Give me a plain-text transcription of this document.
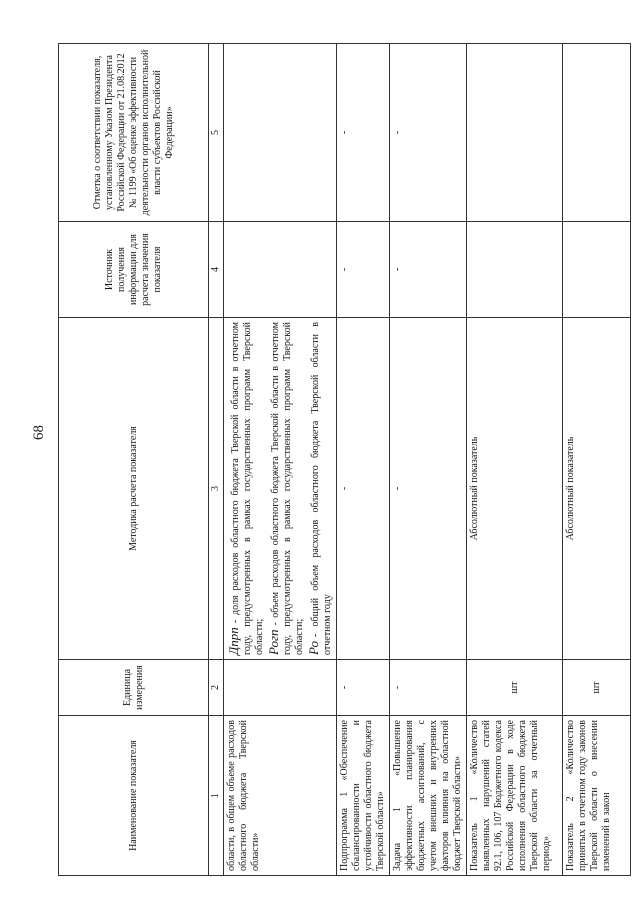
68
Наименование показателя	Единица измерения	Методика расчета показателя	Источник получения информации для расчета значения показателя	Отметка о соответствии показателя, установленному Указом Президента Российской Федерации от 21.08.2012 № 1199 «Об оценке эффективности деятельности органов исполнительной власти субъектов Российской Федерации»
1	2	3	4	5
области, в общем объеме расходов областного бюджета Тверской области»		Дпрп- доля расходов областного бюджета Тверской области в отчетном году, предусмотренных в рамках государственных программ Тверской области; Рогп- объем расходов областного бюджета Тверской области в отчетном году, предусмотренных в рамках государственных программ Тверской области; Ро- общий объем расходов областного бюджета Тверской области в отчетном году		

Подпрограмма 1 «Обеспечение сбалансированности и устойчивости областного бюджета Тверской области»	-	-	-	-
Задача 1 «Повышение эффективности планирования бюджетных ассигнований, с учетом внешних и внутренних факторов влияния на областной бюджет Тверской области»	-	-	-	-
Показатель 1 «Количество выявленных нарушений статей 92.1, 106, 107 Бюджетного кодекса Российской Федерации в ходе исполнения областного бюджета Тверской области за отчетный период»	шт	Абсолютный показатель		
Показатель 2 «Количество принятых в отчетном году законов Тверской области о внесении изменений в закон	шт	Абсолютный показатель		
